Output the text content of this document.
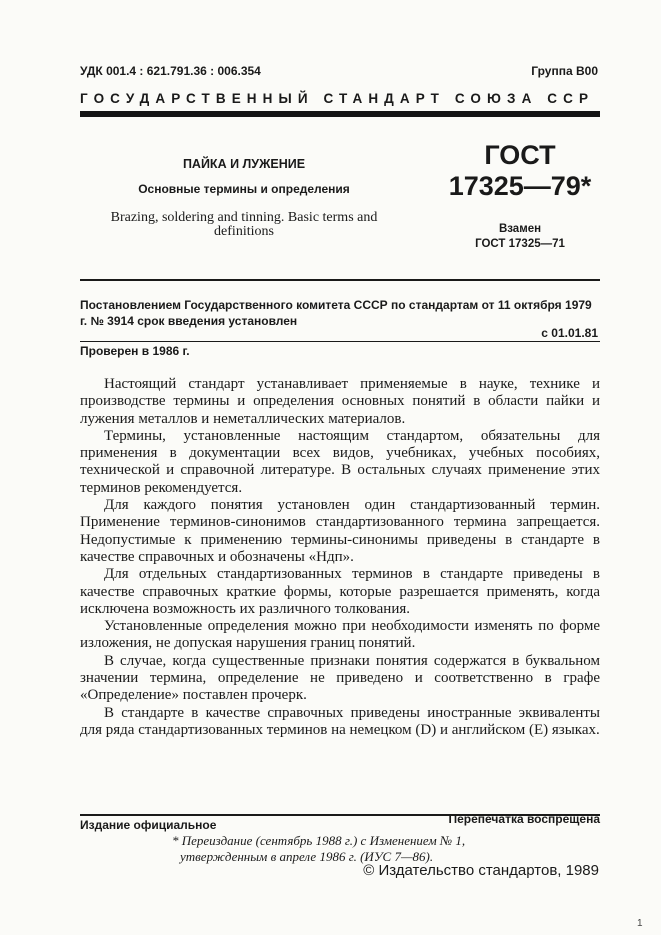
УДК 001.4 : 621.791.36 : 006.354	Группа В00
ГОСУДАРСТВЕННЫЙ СТАНДАРТ СОЮЗА ССР
ПАЙКА И ЛУЖЕНИЕ
Основные термины и определения
Brazing, soldering and tinning. Basic terms and definitions
ГОСТ
17325—79*
Взамен
ГОСТ 17325—71
Постановлением Государственного комитета СССР по стандартам от 11 октября 1979 г. № 3914 срок введения установлен
с 01.01.81
Проверен в 1986 г.

Настоящий стандарт устанавливает применяемые в науке, технике и производстве термины и определения основных понятий в области пайки и лужения металлов и неметаллических материалов.

Термины, установленные настоящим стандартом, обязательны для применения в документации всех видов, учебниках, учебных пособиях, технической и справочной литературе. В остальных случаях применение этих терминов рекомендуется.

Для каждого понятия установлен один стандартизованный термин. Применение терминов-синонимов стандартизованного термина запрещается. Недопустимые к применению термины-синонимы приведены в стандарте в качестве справочных и обозначены «Ндп».

Для отдельных стандартизованных терминов в стандарте приведены в качестве справочных краткие формы, которые разрешается применять, когда исключена возможность их различного толкования.

Установленные определения можно при необходимости изменять по форме изложения, не допуская нарушения границ понятий.

В случае, когда существенные признаки понятия содержатся в буквальном значении термина, определение не приведено и соответственно в графе «Определение» поставлен прочерк.

В стандарте в качестве справочных приведены иностранные эквиваленты для ряда стандартизованных терминов на немецком (D) и английском (E) языках.

Издание официальное	Перепечатка воспрещена
* Переиздание (сентябрь 1988 г.) с Изменением № 1,
утвержденным в апреле 1986 г. (ИУС 7—86).
© Издательство стандартов, 1989
1
